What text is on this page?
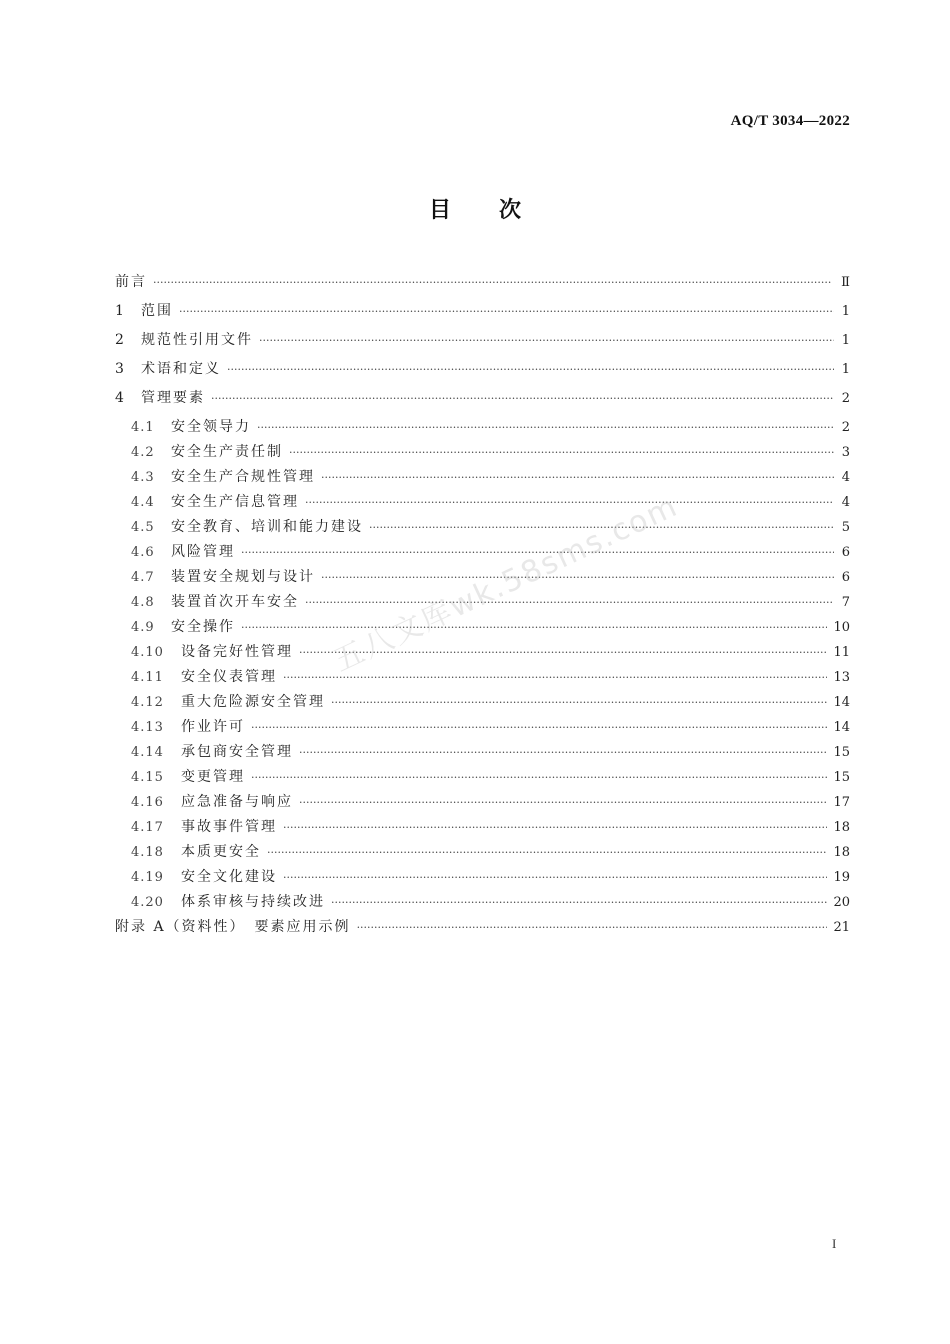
AQ/T 3034—2022
目次
前言 ·····	Ⅱ
1	范围 ·····	1
2	规范性引用文件 ·····	1
3	术语和定义 ·····	1
4	管理要素 ·····	2
4.1	安全领导力 ·····	2
4.2	安全生产责任制 ·····	3
4.3	安全生产合规性管理 ·····	4
4.4	安全生产信息管理 ·····	4
4.5	安全教育、培训和能力建设 ·····	5
4.6	风险管理 ·····	6
4.7	装置安全规划与设计 ·····	6
4.8	装置首次开车安全 ·····	7
4.9	安全操作 ·····	10
4.10	设备完好性管理 ·····	11
4.11	安全仪表管理 ·····	13
4.12	重大危险源安全管理 ·····	14
4.13	作业许可 ·····	14
4.14	承包商安全管理 ·····	15
4.15	变更管理 ·····	15
4.16	应急准备与响应 ·····	17
4.17	事故事件管理 ·····	18
4.18	本质更安全 ·····	18
4.19	安全文化建设 ·····	19
4.20	体系审核与持续改进 ·····	20
附录 A（资料性）　要素应用示例 ·····	21
五八文库wk.58sms.com
I
